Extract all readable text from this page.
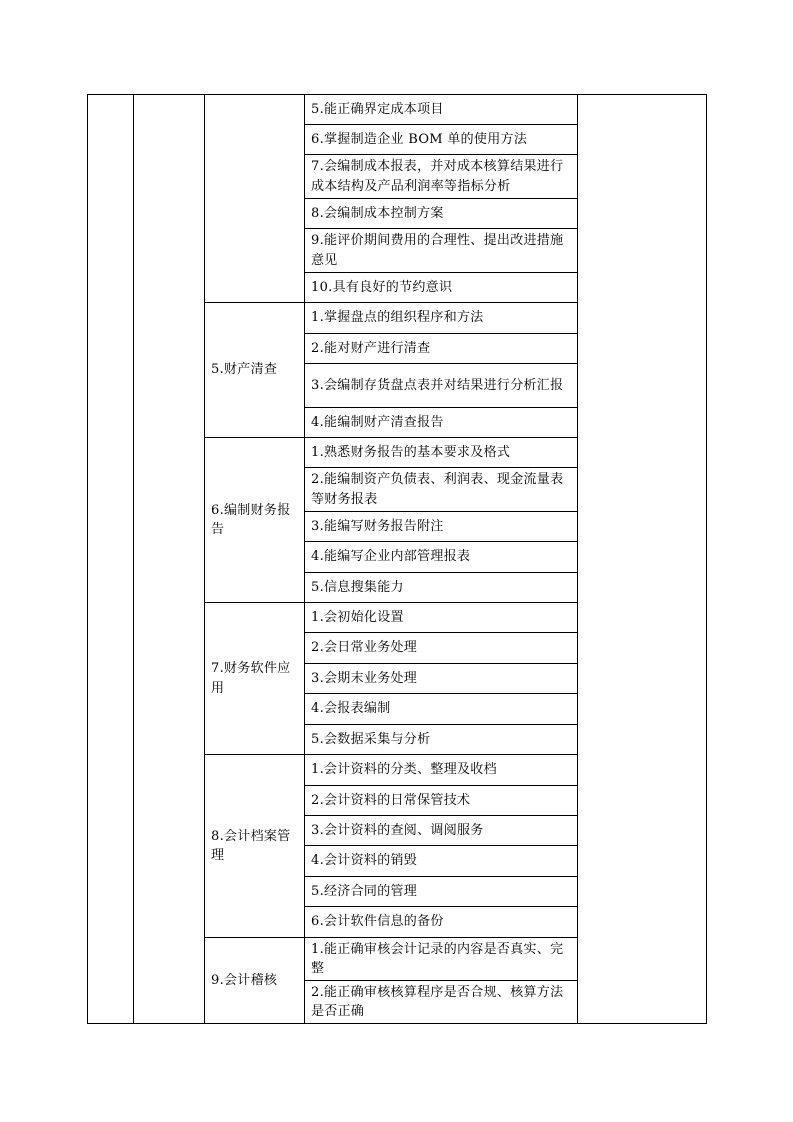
			5.能正确界定成本项目	
			6.掌握制造企业 BOM 单的使用方法	
			7.会编制成本报表，并对成本核算结果进行成本结构及产品利润率等指标分析	
			8.会编制成本控制方案	
			9.能评价期间费用的合理性、提出改进措施意见	
			10.具有良好的节约意识	
		5.财产清查	1.掌握盘点的组织程序和方法	
			2.能对财产进行清查	
			3.会编制存货盘点表并对结果进行分析汇报	
			4.能编制财产清查报告	
		6.编制财务报告	1.熟悉财务报告的基本要求及格式	
			2.能编制资产负债表、利润表、现金流量表等财务报表	
			3.能编写财务报告附注	
			4.能编写企业内部管理报表	
			5.信息搜集能力	
		7.财务软件应用	1.会初始化设置	
			2.会日常业务处理	
			3.会期末业务处理	
			4.会报表编制	
			5.会数据采集与分析	
		8.会计档案管理	1.会计资料的分类、整理及收档	
			2.会计资料的日常保管技术	
			3.会计资料的查阅、调阅服务	
			4.会计资料的销毁	
			5.经济合同的管理	
			6.会计软件信息的备份	
		9.会计稽核	1.能正确审核会计记录的内容是否真实、完整	
			2.能正确审核核算程序是否合规、核算方法是否正确	
